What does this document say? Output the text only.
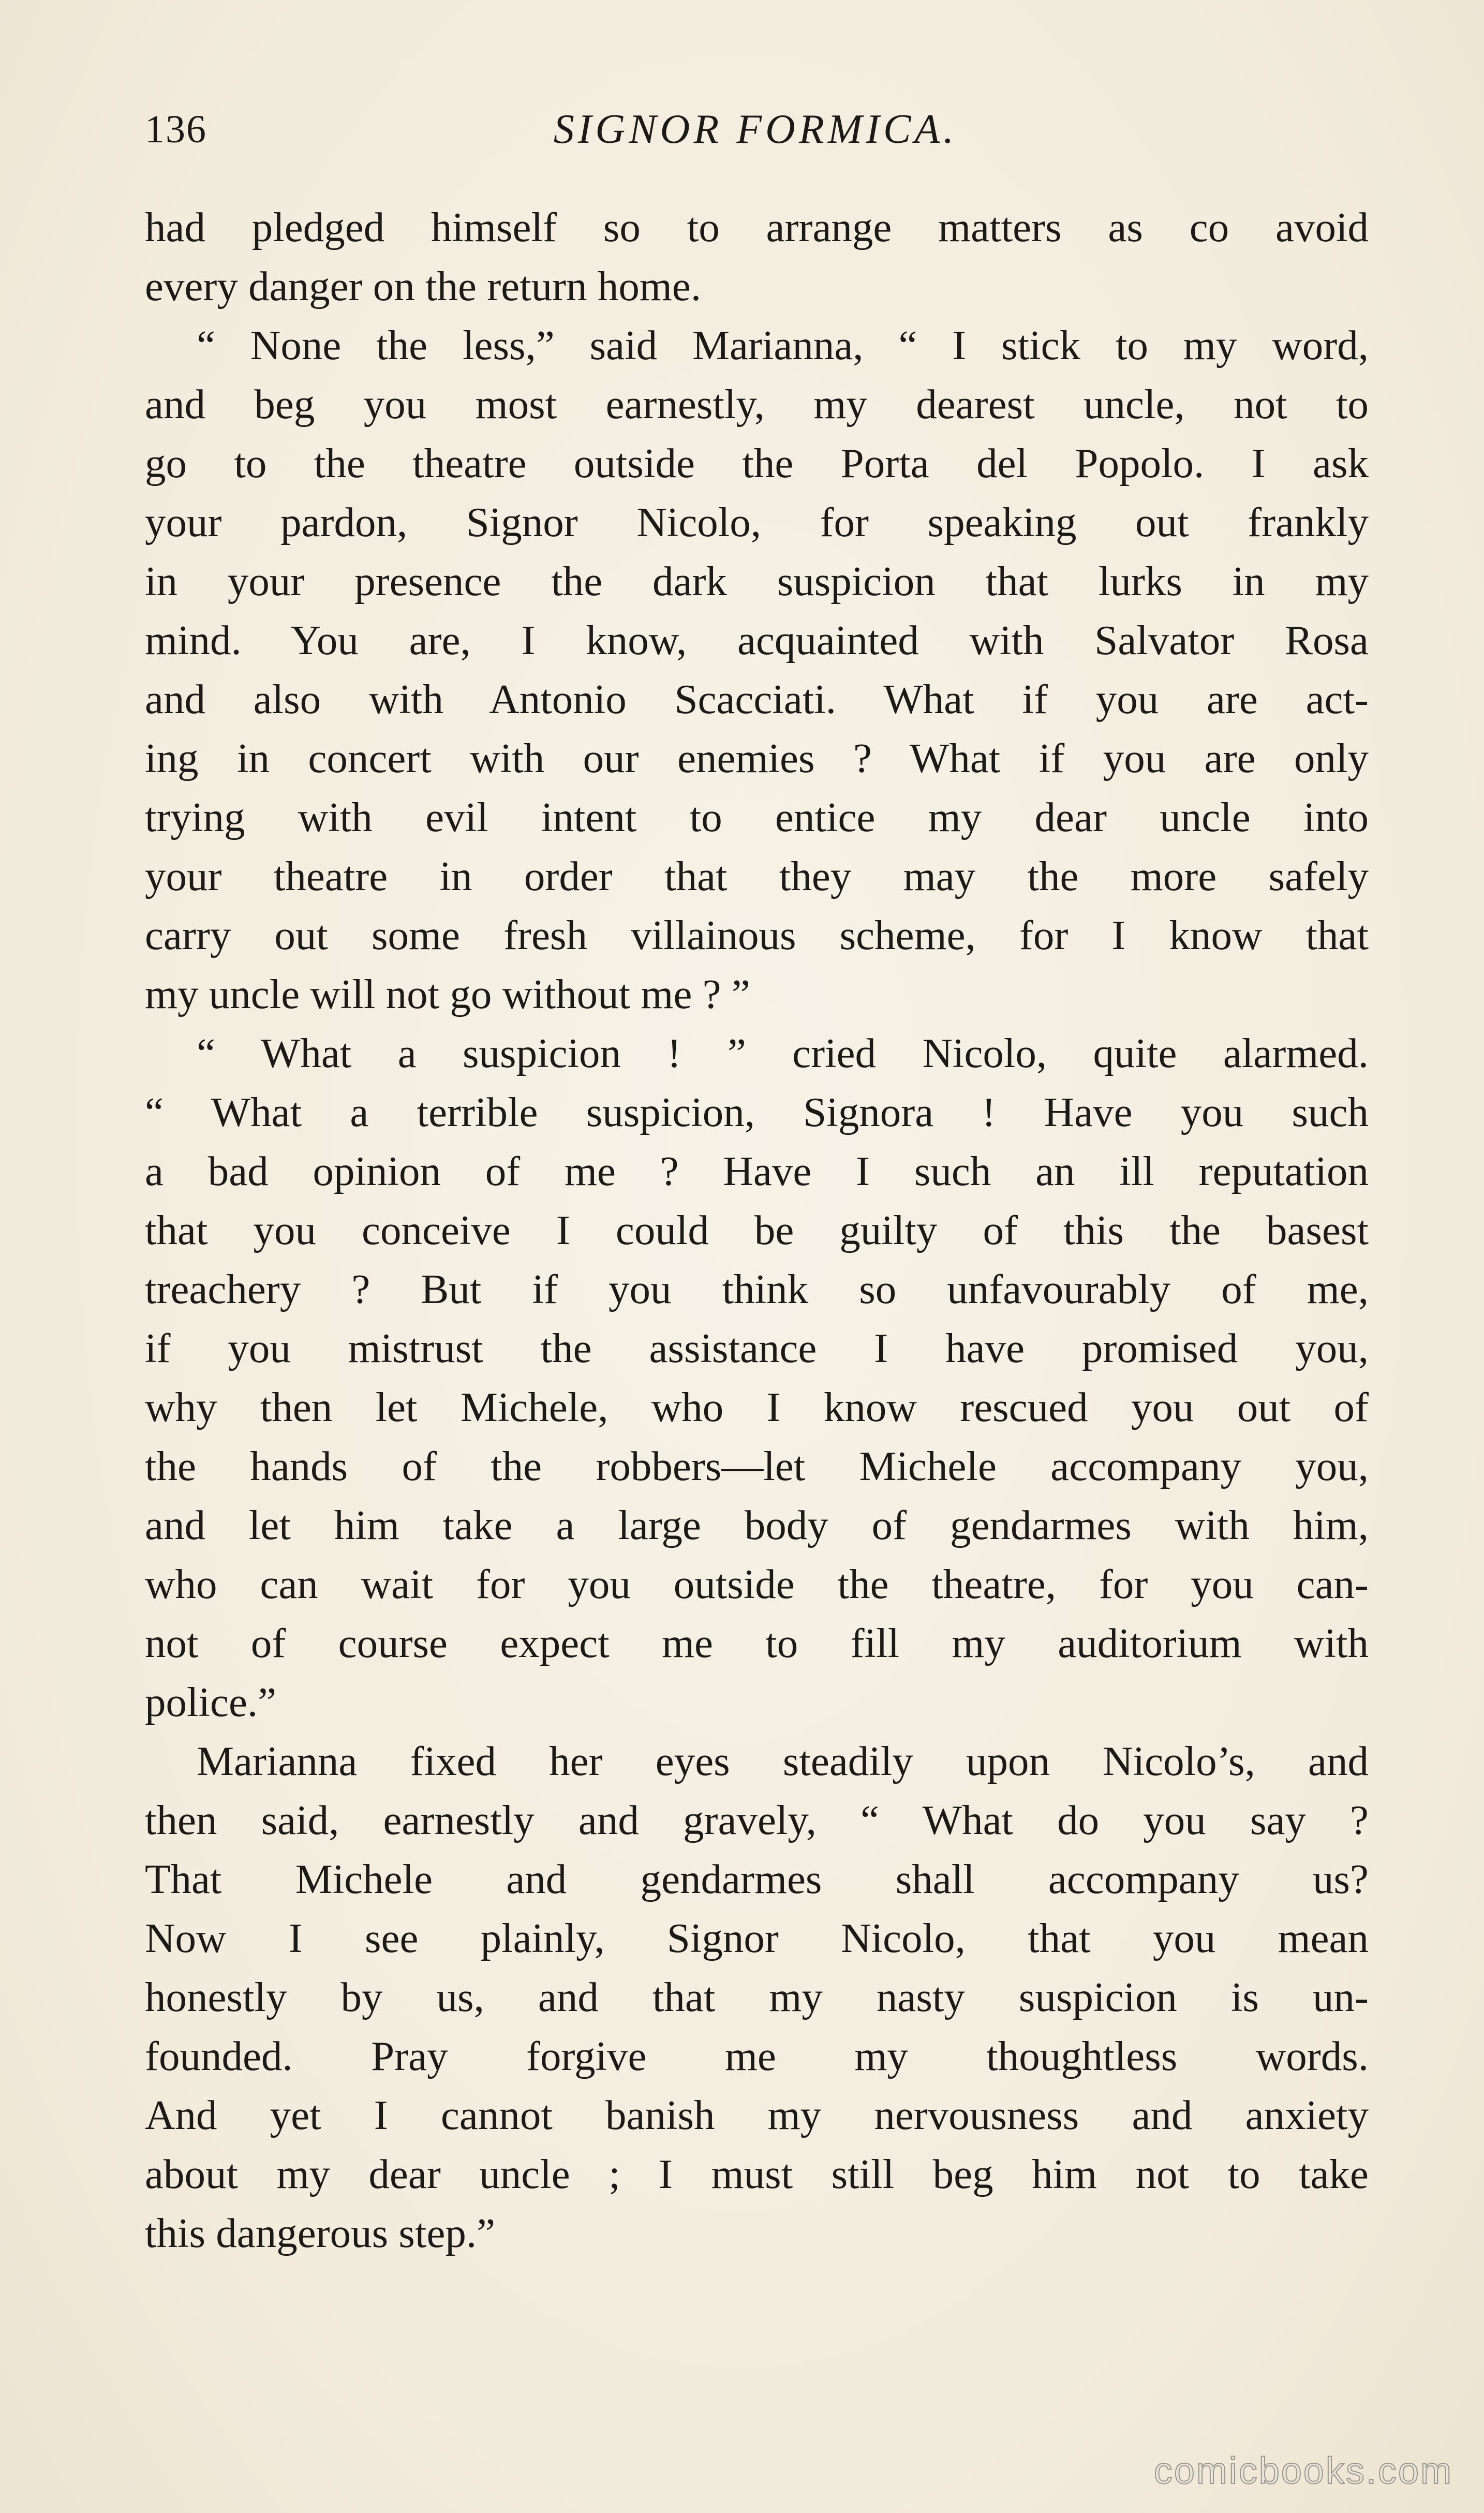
136	SIGNOR FORMICA.
had pledged himself so to arrange matters as co avoid
every danger on the return home.
“ None the less,” said Marianna, “ I stick to my word,
and beg you most earnestly, my dearest uncle, not to
go to the theatre outside the Porta del Popolo. I ask
your pardon, Signor Nicolo, for speaking out frankly
in your presence the dark suspicion that lurks in my
mind. You are, I know, acquainted with Salvator Rosa
and also with Antonio Scacciati. What if you are act-
ing in concert with our enemies ? What if you are only
trying with evil intent to entice my dear uncle into
your theatre in order that they may the more safely
carry out some fresh villainous scheme, for I know that
my uncle will not go without me ? ”
“ What a suspicion ! ” cried Nicolo, quite alarmed.
“ What a terrible suspicion, Signora ! Have you such
a bad opinion of me ? Have I such an ill reputation
that you conceive I could be guilty of this the basest
treachery ? But if you think so unfavourably of me,
if you mistrust the assistance I have promised you,
why then let Michele, who I know rescued you out of
the hands of the robbers—let Michele accompany you,
and let him take a large body of gendarmes with him,
who can wait for you outside the theatre, for you can-
not of course expect me to fill my auditorium with
police.”
Marianna fixed her eyes steadily upon Nicolo’s, and
then said, earnestly and gravely, “ What do you say ?
That Michele and gendarmes shall accompany us?
Now I see plainly, Signor Nicolo, that you mean
honestly by us, and that my nasty suspicion is un-
founded. Pray forgive me my thoughtless words.
And yet I cannot banish my nervousness and anxiety
about my dear uncle ; I must still beg him not to take
this dangerous step.”
comicbooks.com
